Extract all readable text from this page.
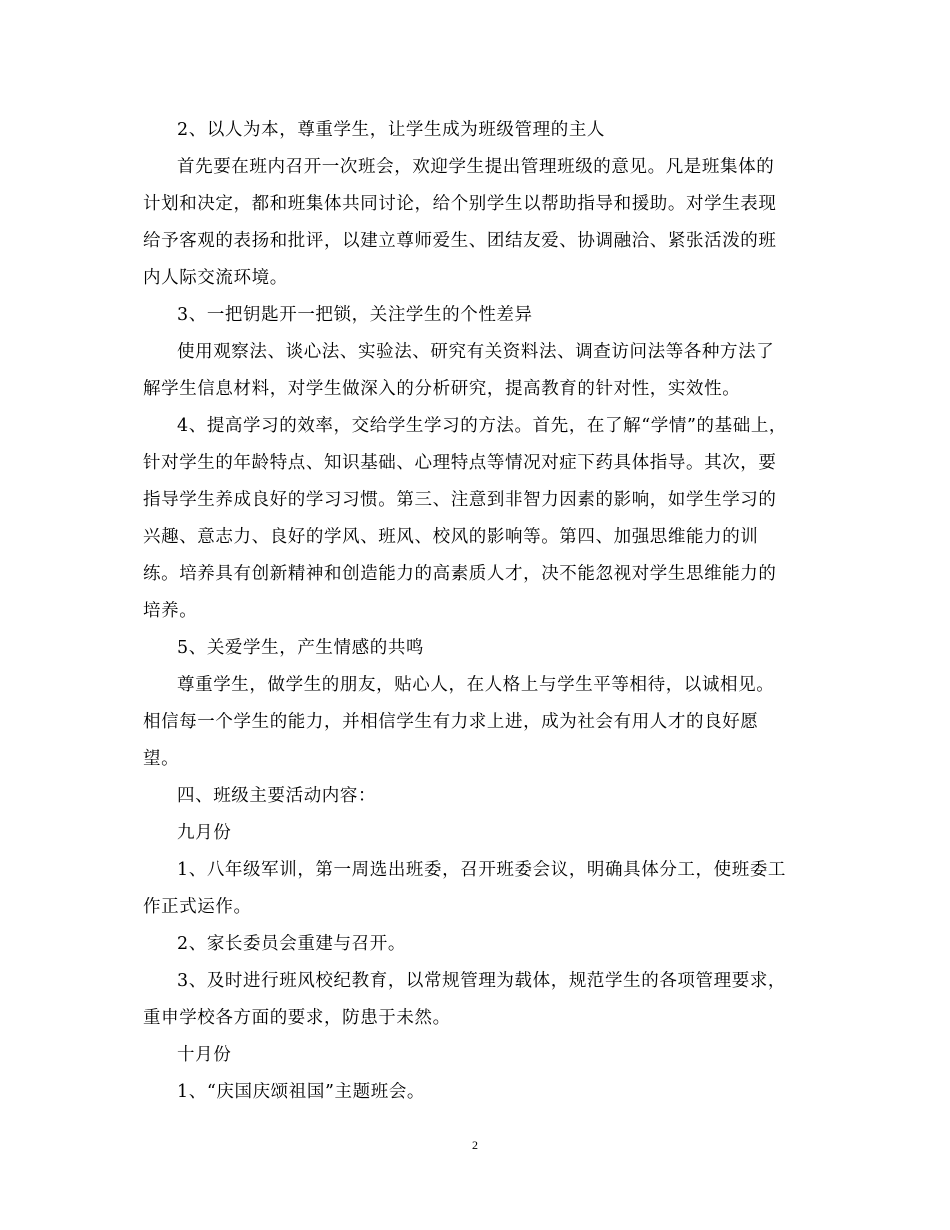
2、以人为本，尊重学生，让学生成为班级管理的主人
首先要在班内召开一次班会，欢迎学生提出管理班级的意见。凡是班集体的
计划和决定，都和班集体共同讨论，给个别学生以帮助指导和援助。对学生表现
给予客观的表扬和批评，以建立尊师爱生、团结友爱、协调融洽、紧张活泼的班
内人际交流环境。
3、一把钥匙开一把锁，关注学生的个性差异
使用观察法、谈心法、实验法、研究有关资料法、调查访问法等各种方法了
解学生信息材料，对学生做深入的分析研究，提高教育的针对性，实效性。
4、提高学习的效率，交给学生学习的方法。首先，在了解“学情”的基础上，
针对学生的年龄特点、知识基础、心理特点等情况对症下药具体指导。其次，要
指导学生养成良好的学习习惯。第三、注意到非智力因素的影响，如学生学习的
兴趣、意志力、良好的学风、班风、校风的影响等。第四、加强思维能力的训
练。培养具有创新精神和创造能力的高素质人才，决不能忽视对学生思维能力的
培养。
5、关爱学生，产生情感的共鸣
尊重学生，做学生的朋友，贴心人，在人格上与学生平等相待，以诚相见。
相信每一个学生的能力，并相信学生有力求上进，成为社会有用人才的良好愿
望。
四、班级主要活动内容：
九月份
1、八年级军训，第一周选出班委，召开班委会议，明确具体分工，使班委工
作正式运作。
2、家长委员会重建与召开。
3、及时进行班风校纪教育，以常规管理为载体，规范学生的各项管理要求，
重申学校各方面的要求，防患于未然。
十月份
1、“庆国庆颂祖国”主题班会。
2
